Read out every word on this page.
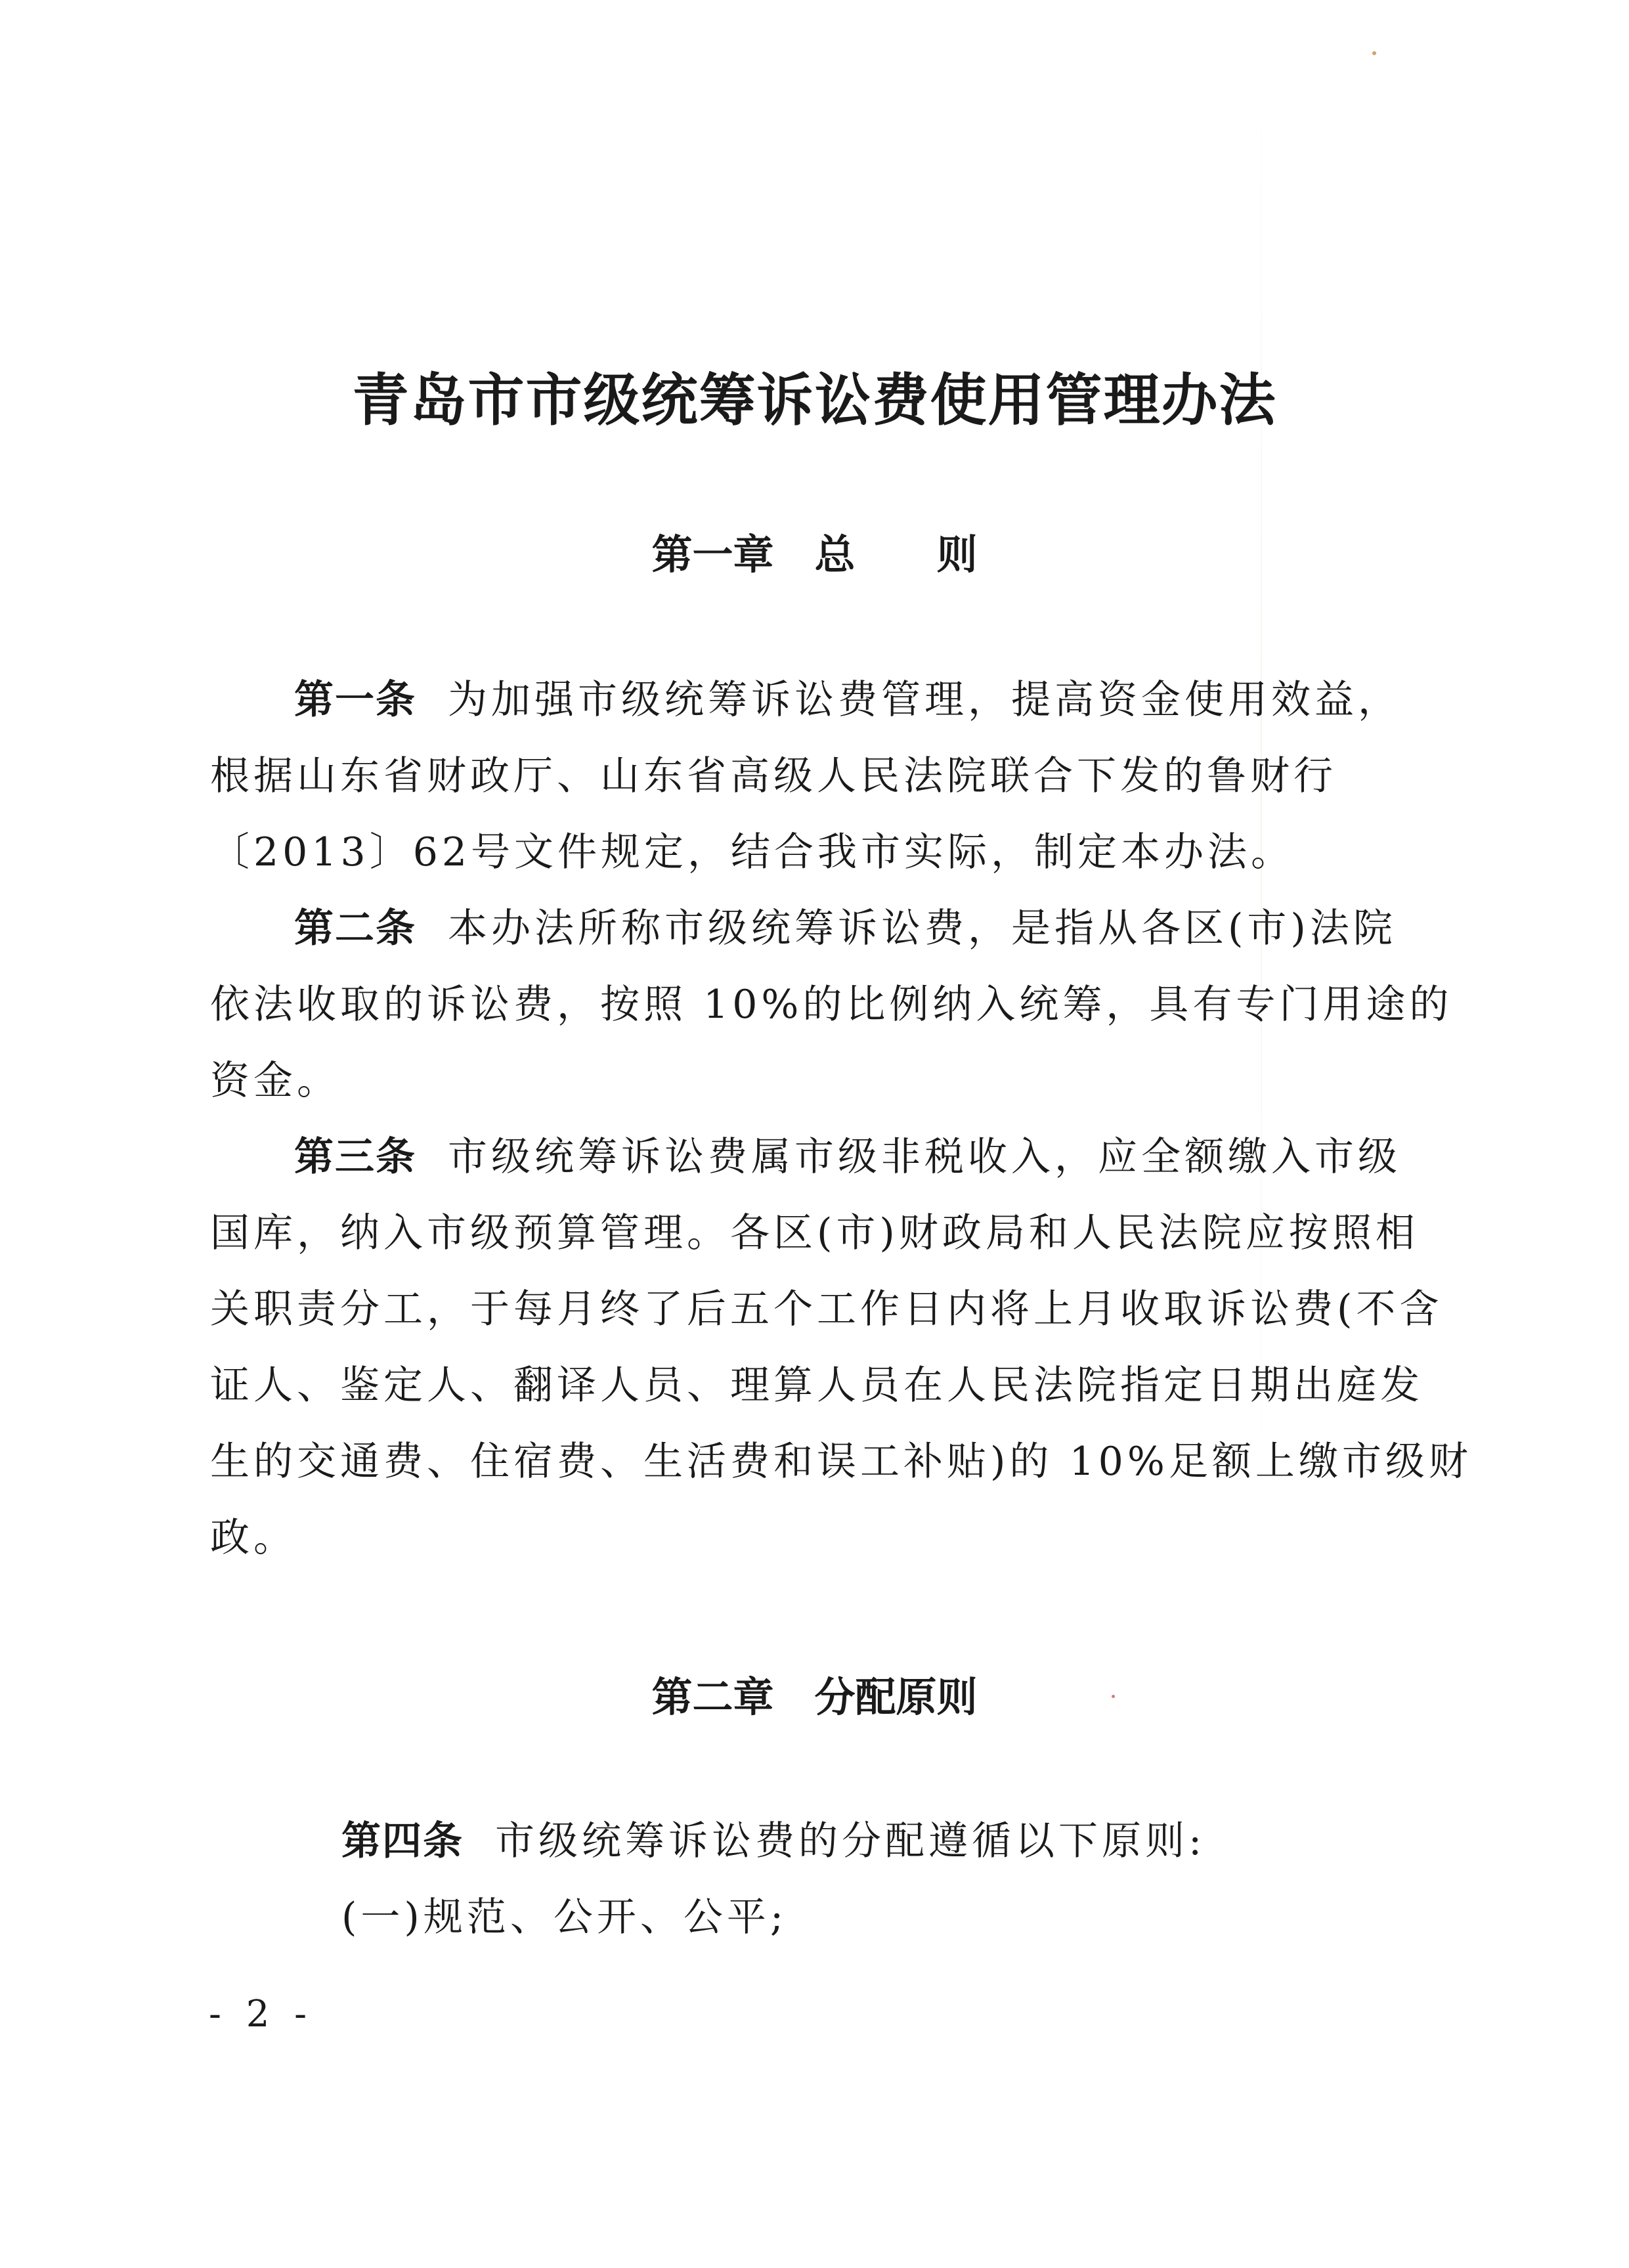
青岛市市级统筹诉讼费使用管理办法
第一章　总　　则
第一条 为加强市级统筹诉讼费管理，提高资金使用效益，
根据山东省财政厅、山东省高级人民法院联合下发的鲁财行
〔2013〕62号文件规定，结合我市实际，制定本办法。
第二条 本办法所称市级统筹诉讼费，是指从各区(市)法院
依法收取的诉讼费，按照 10%的比例纳入统筹，具有专门用途的
资金。
第三条 市级统筹诉讼费属市级非税收入，应全额缴入市级
国库，纳入市级预算管理。各区(市)财政局和人民法院应按照相
关职责分工，于每月终了后五个工作日内将上月收取诉讼费(不含
证人、鉴定人、翻译人员、理算人员在人民法院指定日期出庭发
生的交通费、住宿费、生活费和误工补贴)的 10%足额上缴市级财
政。
第二章　分配原则
第四条 市级统筹诉讼费的分配遵循以下原则:
(一)规范、公开、公平;
- 2 -
